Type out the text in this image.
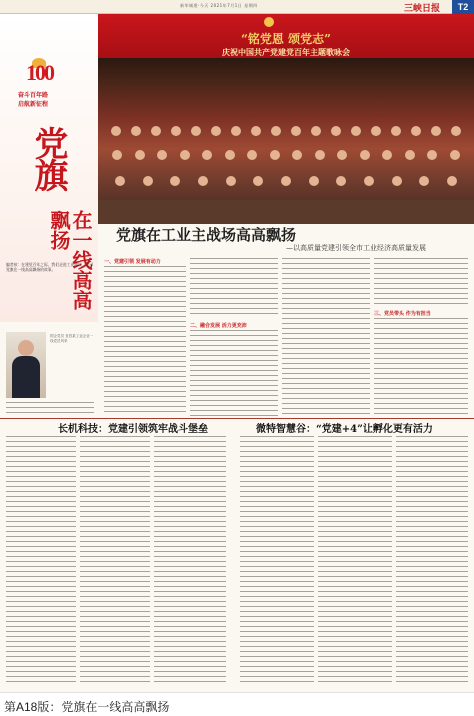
新华城建·今天 2021年7月1日 星期四	三峡日报	T2
100
奋斗百年路
启航新征程
党旗
在一线高高飘扬
“铭党恩 颂党志”
庆祝中国共产党建党百年主题歌咏会
党旗在工业主战场高高飘扬
—以高质量党建引领全市工业经济高质量发展
编者按：在建党百年之际，我们走进工业战线，记录党旗在一线高高飘扬的故事。
一、党建引领 发展有动力
二、融合发展 活力更充沛
三、党员带头 作为有担当
国企党员 宜昌某工业企业一线党员风采
长机科技：党建引领筑牢战斗堡垒	微特智慧谷：“党建+4”让孵化更有活力
第A18版：党旗在一线高高飘扬
